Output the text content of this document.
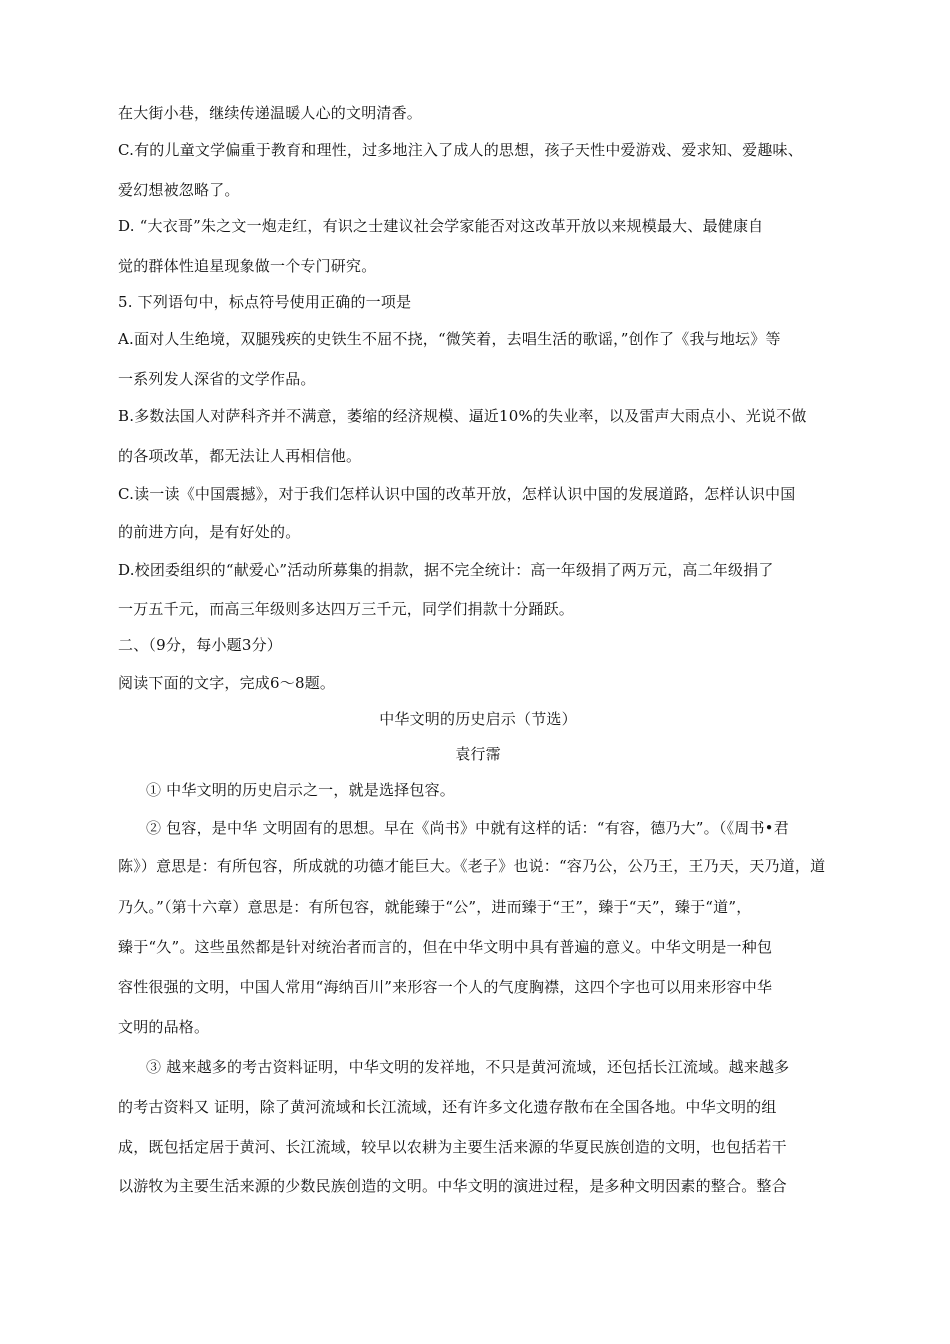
在大街小巷，继续传递温暖人心的文明清香。
C.有的儿童文学偏重于教育和理性，过多地注入了成人的思想，孩子天性中爱游戏、爱求知、爱趣味、
爱幻想被忽略了。
D. “大衣哥”朱之文一炮走红，有识之士建议社会学家能否对这改革开放以来规模最大、最健康自
觉的群体性追星现象做一个专门研究。
5. 下列语句中，标点符号使用正确的一项是
A.面对人生绝境，双腿残疾的史铁生不屈不挠，“微笑着，去唱生活的歌谣，”创作了《我与地坛》等
一系列发人深省的文学作品。
B.多数法国人对萨科齐并不满意，萎缩的经济规模、逼近10%的失业率，以及雷声大雨点小、光说不做
的各项改革，都无法让人再相信他。
C.读一读《中国震撼》，对于我们怎样认识中国的改革开放，怎样认识中国的发展道路，怎样认识中国
的前进方向，是有好处的。
D.校团委组织的“献爱心”活动所募集的捐款，据不完全统计：高一年级捐了两万元，高二年级捐了
一万五千元，而高三年级则多达四万三千元，同学们捐款十分踊跃。
二、（9分，每小题3分）
阅读下面的文字，完成6～8题。
中华文明的历史启示（节选）
袁行霈
① 中华文明的历史启示之一，就是选择包容。
② 包容，是中华 文明固有的思想。早在《尚书》中就有这样的话：“有容，德乃大”。（《周书•君
陈》）意思是：有所包容，所成就的功德才能巨大。《老子》也说：“容乃公，公乃王，王乃天，天乃道，道
乃久。”（第十六章）意思是：有所包容，就能臻于“公”，进而臻于“王”，臻于“天”，臻于“道”，
臻于“久”。这些虽然都是针对统治者而言的，但在中华文明中具有普遍的意义。中华文明是一种包
容性很强的文明，中国人常用“海纳百川”来形容一个人的气度胸襟，这四个字也可以用来形容中华
文明的品格。
③ 越来越多的考古资料证明，中华文明的发祥地，不只是黄河流域，还包括长江流域。越来越多
的考古资料又 证明，除了黄河流域和长江流域，还有许多文化遗存散布在全国各地。中华文明的组
成，既包括定居于黄河、长江流域，较早以农耕为主要生活来源的华夏民族创造的文明，也包括若干
以游牧为主要生活来源的少数民族创造的文明。中华文明的演进过程，是多种文明因素的整合。整合
